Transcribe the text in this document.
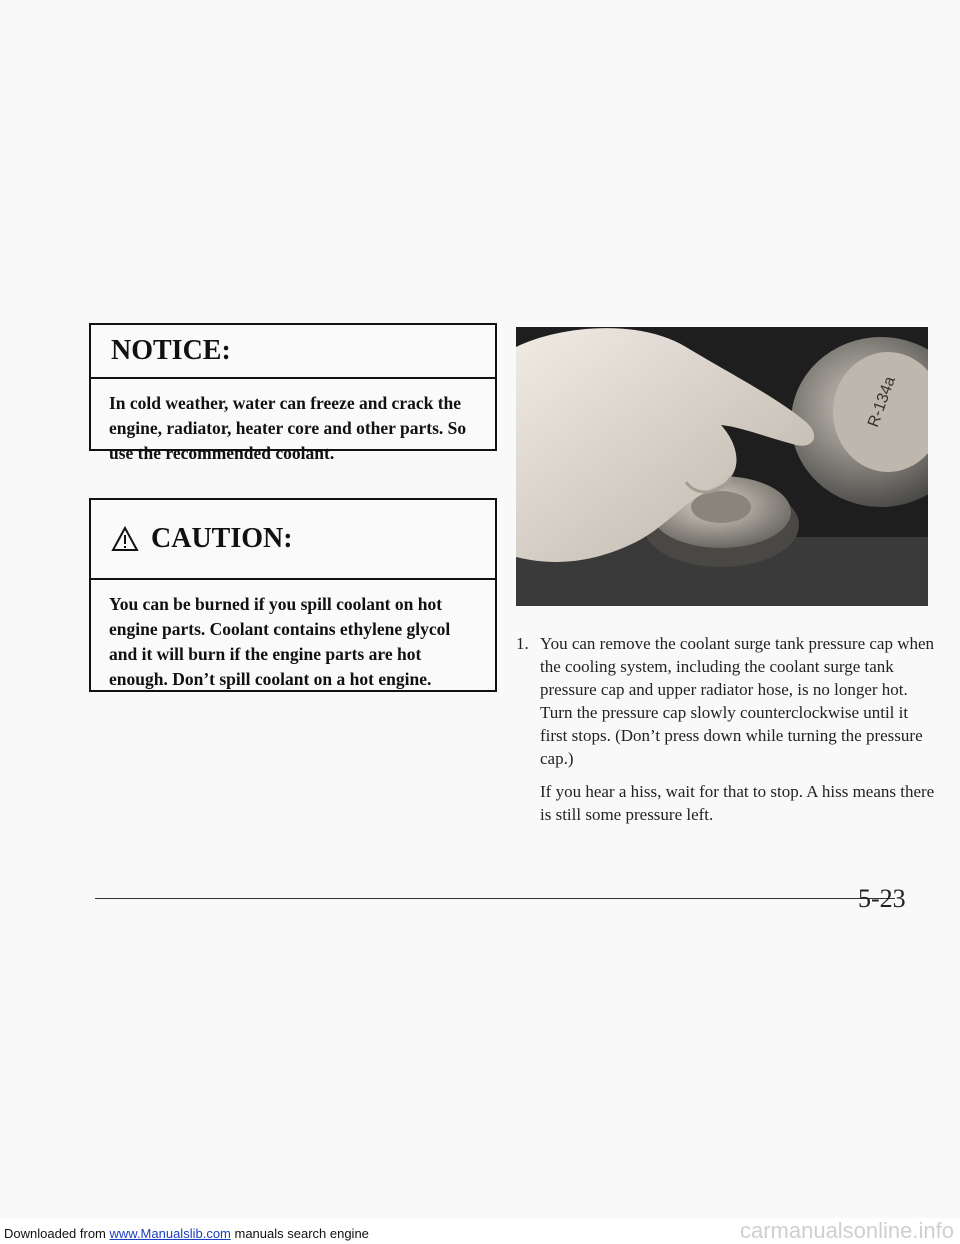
NOTICE:
In cold weather, water can freeze and crack the engine, radiator, heater core and other parts. So use the recommended coolant.
CAUTION:
You can be burned if you spill coolant on hot engine parts. Coolant contains ethylene glycol and it will burn if the engine parts are hot enough. Don’t spill coolant on a hot engine.
R-134a
1. You can remove the coolant surge tank pressure cap when the cooling system, including the coolant surge tank pressure cap and upper radiator hose, is no longer hot. Turn the pressure cap slowly counterclockwise until it first stops. (Don’t press down while turning the pressure cap.)
If you hear a hiss, wait for that to stop. A hiss means there is still some pressure left.
5-23
Downloaded from www.Manualslib.com manuals search engine	carmanualsonline.info
